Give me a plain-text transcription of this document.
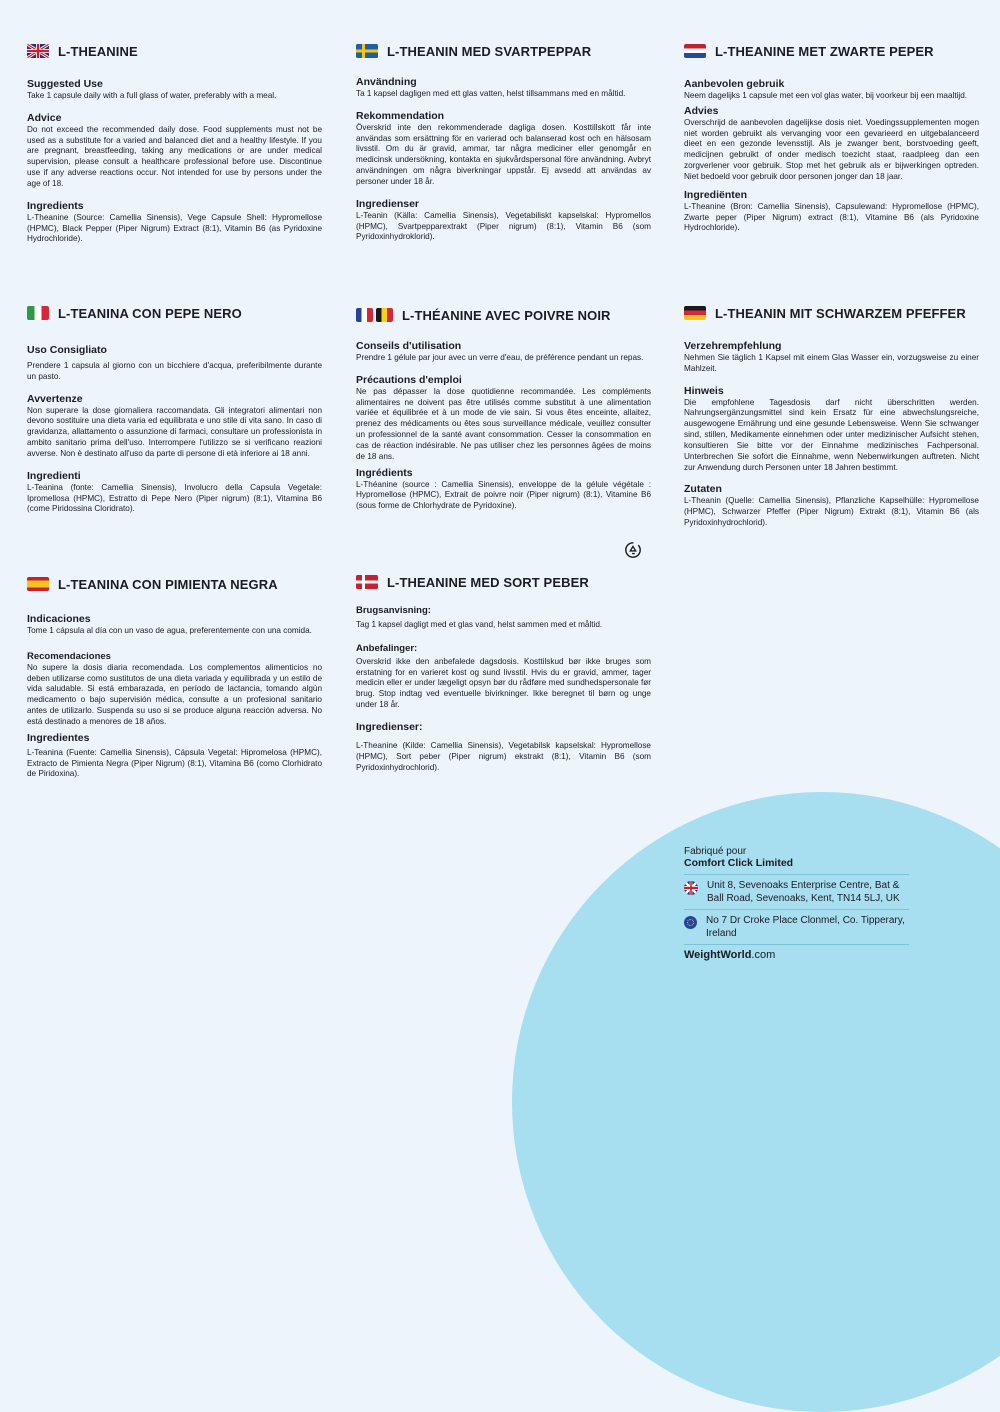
L-THEANINE
Suggested Use

Take 1 capsule daily with a full glass of water, preferably with a meal.

Advice

Do not exceed the recommended daily dose. Food supplements must not be used as a substitute for a varied and balanced diet and a healthy lifestyle. If you are pregnant, breastfeeding, taking any medications or are under medical supervision, please consult a healthcare professional before use. Discontinue use if any adverse reactions occur. Not intended for use by persons under the age of 18.

Ingredients

L-Theanine (Source: Camellia Sinensis), Vege Capsule Shell: Hypromellose (HPMC), Black Pepper (Piper Nigrum) Extract (8:1), Vitamin B6 (as Pyridoxine Hydrochloride).

L-THEANIN MED SVARTPEPPAR
Användning

Ta 1 kapsel dagligen med ett glas vatten, helst tillsammans med en måltid.

Rekommendation

Överskrid inte den rekommenderade dagliga dosen. Kosttillskott får inte användas som ersättning för en varierad och balanserad kost och en hälsosam livsstil. Om du är gravid, ammar, tar några mediciner eller genomgår en medicinsk undersökning, kontakta en sjukvårdspersonal före användning. Avbryt användningen om några biverkningar uppstår. Ej avsedd att användas av personer under 18 år.

Ingredienser

L-Teanin (Källa: Camellia Sinensis), Vegetabiliskt kapselskal: Hypromellos (HPMC), Svartpepparextrakt (Piper nigrum) (8:1), Vitamin B6 (som Pyridoxinhydroklorid).

L-THEANINE MET ZWARTE PEPER
Aanbevolen gebruik

Neem dagelijks 1 capsule met een vol glas water, bij voorkeur bij een maaltijd.

Advies

Overschrijd de aanbevolen dagelijkse dosis niet. Voedingssupplementen mogen niet worden gebruikt als vervanging voor een gevarieerd en uitgebalanceerd dieet en een gezonde levensstijl. Als je zwanger bent, borstvoeding geeft, medicijnen gebruikt of onder medisch toezicht staat, raadpleeg dan een zorgverlener voor gebruik. Stop met het gebruik als er bijwerkingen optreden. Niet bedoeld voor gebruik door personen jonger dan 18 jaar.

Ingrediënten

L-Theanine (Bron: Camellia Sinensis), Capsulewand: Hypromellose (HPMC), Zwarte peper (Piper Nigrum) extract (8:1), Vitamine B6 (als Pyridoxine Hydrochloride).

L-TEANINA CON PEPE NERO
Uso Consigliato

Prendere 1 capsula al giorno con un bicchiere d'acqua, preferibilmente durante un pasto.

Avvertenze

Non superare la dose giornaliera raccomandata. Gli integratori alimentari non devono sostituire una dieta varia ed equilibrata e uno stile di vita sano. In caso di gravidanza, allattamento o assunzione di farmaci, consultare un professionista in ambito sanitario prima dell'uso. Interrompere l'utilizzo se si verificano reazioni avverse. Non è destinato all'uso da parte di persone di età inferiore ai 18 anni.

Ingredienti

L-Teanina (fonte: Camellia Sinensis), Involucro della Capsula Vegetale: Ipromellosa (HPMC), Estratto di Pepe Nero (Piper nigrum) (8:1), Vitamina B6 (come Piridossina Cloridrato).

L-THÉANINE AVEC POIVRE NOIR
Conseils d'utilisation

Prendre 1 gélule par jour avec un verre d'eau, de préférence pendant un repas.

Précautions d'emploi

Ne pas dépasser la dose quotidienne recommandée. Les compléments alimentaires ne doivent pas être utilisés comme substitut à une alimentation variée et équilibrée et à un mode de vie sain. Si vous êtes enceinte, allaitez, prenez des médicaments ou êtes sous surveillance médicale, veuillez consulter un professionnel de la santé avant consommation. Cesser la consommation en cas de réaction indésirable. Ne pas utiliser chez les personnes âgées de moins de 18 ans.

Ingrédients

L-Théanine (source : Camellia Sinensis), enveloppe de la gélule végétale : Hypromellose (HPMC), Extrait de poivre noir (Piper nigrum) (8:1), Vitamine B6 (sous forme de Chlorhydrate de Pyridoxine).

L-THEANIN MIT SCHWARZEM PFEFFER
Verzehrempfehlung

Nehmen Sie täglich 1 Kapsel mit einem Glas Wasser ein, vorzugsweise zu einer Mahlzeit.

Hinweis

Die empfohlene Tagesdosis darf nicht überschritten werden. Nahrungsergänzungsmittel sind kein Ersatz für eine abwechslungsreiche, ausgewogene Ernährung und eine gesunde Lebensweise. Wenn Sie schwanger sind, stillen, Medikamente einnehmen oder unter medizinischer Aufsicht stehen, konsultieren Sie bitte vor der Einnahme medizinisches Fachpersonal. Unterbrechen Sie sofort die Einnahme, wenn Nebenwirkungen auftreten. Nicht zur Anwendung durch Personen unter 18 Jahren bestimmt.

Zutaten

L-Theanin (Quelle: Camellia Sinensis), Pflanzliche Kapselhülle: Hypromellose (HPMC), Schwarzer Pfeffer (Piper Nigrum) Extrakt (8:1), Vitamin B6 (als Pyridoxinhydrochlorid).

L-TEANINA CON PIMIENTA NEGRA
Indicaciones

Tome 1 cápsula al día con un vaso de agua, preferentemente con una comida.

Recomendaciones

No supere la dosis diaria recomendada. Los complementos alimenticios no deben utilizarse como sustitutos de una dieta variada y equilibrada y un estilo de vida saludable. Si está embarazada, en período de lactancia, tomando algún medicamento o bajo supervisión médica, consulte a un profesional sanitario antes de utilizarlo. Suspenda su uso si se produce alguna reacción adversa. No está destinado a menores de 18 años.

Ingredientes

L-Teanina (Fuente: Camellia Sinensis), Cápsula Vegetal: Hipromelosa (HPMC), Extracto de Pimienta Negra (Piper Nigrum) (8:1), Vitamina B6 (como Clorhidrato de Piridoxina).

L-THEANINE MED SORT PEBER
Brugsanvisning:

Tag 1 kapsel dagligt med et glas vand, helst sammen med et måltid.

Anbefalinger:

Overskrid ikke den anbefalede dagsdosis. Kosttilskud bør ikke bruges som erstatning for en varieret kost og sund livsstil. Hvis du er gravid, ammer, tager medicin eller er under lægeligt opsyn bør du rådføre med sundhedspersonale før brug. Stop indtag ved eventuelle bivirkninger. Ikke beregnet til børn og unge under 18 år.

Ingredienser:

L-Theanine (Kilde: Camellia Sinensis), Vegetabilsk kapselskal: Hypromellose (HPMC), Sort peber (Piper nigrum) ekstrakt (8:1), Vitamin B6 (som Pyridoxinhydrochlorid).

Fabriqué pour
Comfort Click Limited
Unit 8, Sevenoaks Enterprise Centre, Bat & Ball Road, Sevenoaks, Kent, TN14 5LJ, UK
No 7 Dr Croke Place Clonmel, Co. Tipperary, Ireland
WeightWorld.com
